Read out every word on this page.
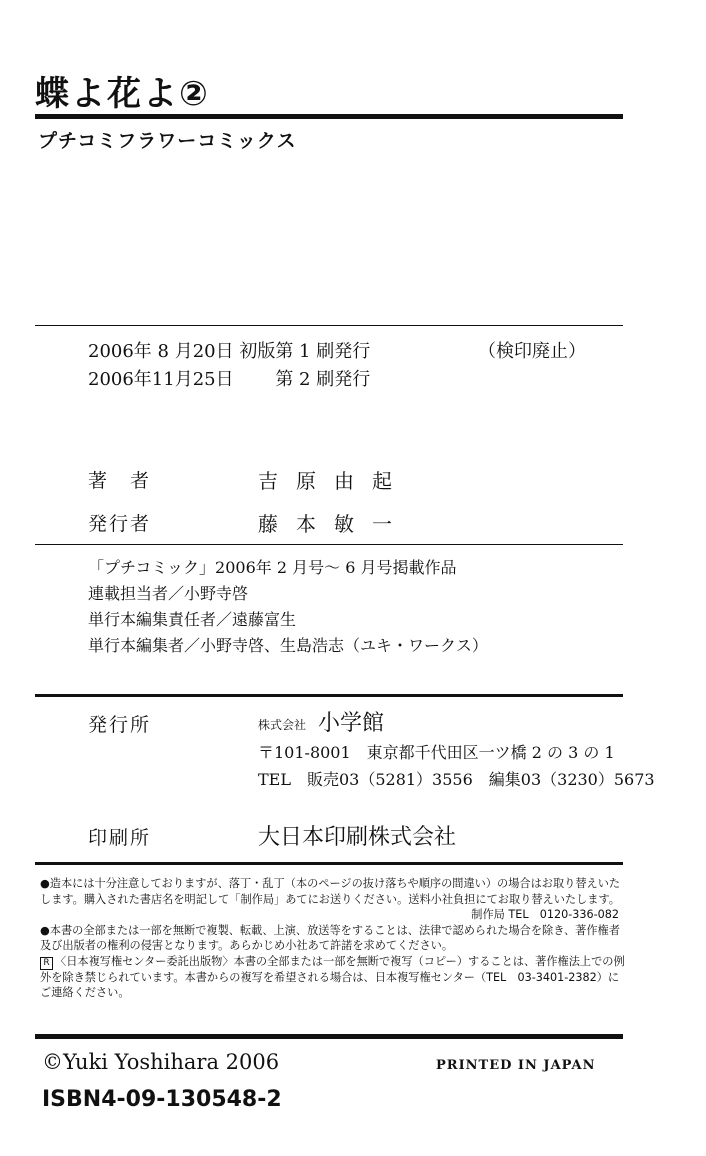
蝶よ花よ②
プチコミフラワーコミックス
2006年 8 月20日 初版第 1 刷発行	（検印廃止）
2006年11月25日　　 第 2 刷発行
著　者	吉原由起
発行者	藤本敏一
「プチコミック」2006年 2 月号～ 6 月号掲載作品
連載担当者／小野寺啓
単行本編集責任者／遠藤富生
単行本編集者／小野寺啓、生島浩志（ユキ・ワークス）
発行所	株式会社 小学館
〒101-8001　東京都千代田区一ツ橋 2 の 3 の 1
TEL　販売03（5281）3556　編集03（3230）5673
印刷所	大日本印刷株式会社

●造本には十分注意しておりますが、落丁・乱丁（本のページの抜け落ちや順序の間違い）の場合はお取り替えいたします。購入された書店名を明記して「制作局」あてにお送りください。送料小社負担にてお取り替えいたします。

制作局 TEL　0120-336-082

●本書の全部または一部を無断で複製、転載、上演、放送等をすることは、法律で認められた場合を除き、著作権者及び出版者の権利の侵害となります。あらかじめ小社あて許諾を求めてください。

R 〈日本複写権センター委託出版物〉本書の全部または一部を無断で複写（コピー）することは、著作権法上での例外を除き禁じられています。本書からの複写を希望される場合は、日本複写権センター（TEL　03-3401-2382）にご連絡ください。

©Yuki Yoshihara 2006	PRINTED IN JAPAN
ISBN4-09-130548-2
